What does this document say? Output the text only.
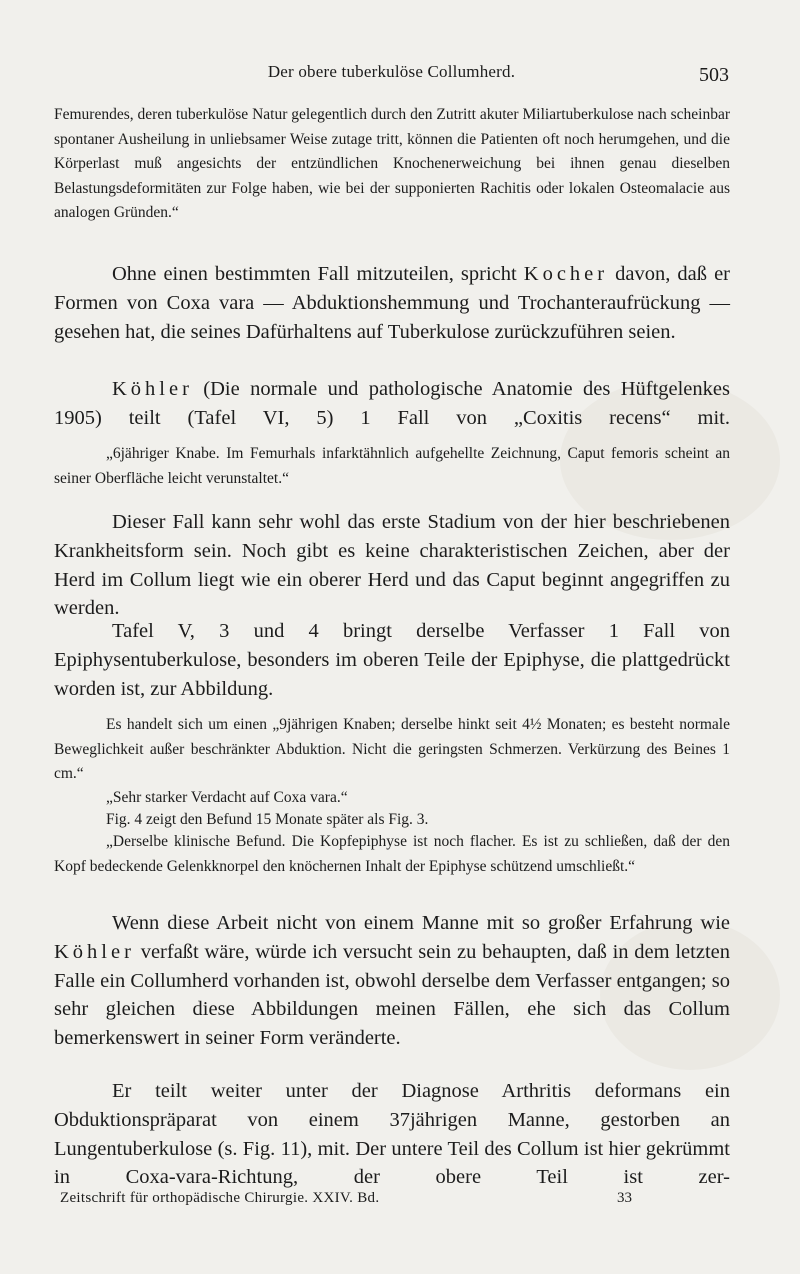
Der obere tuberkulöse Collumherd.	503

Femurendes, deren tuberkulöse Natur gelegentlich durch den Zutritt akuter Miliartuberkulose nach scheinbar spontaner Ausheilung in unliebsamer Weise zutage tritt, können die Patienten oft noch herumgehen, und die Körperlast muß angesichts der entzündlichen Knochenerweichung bei ihnen genau dieselben Belastungsdeformitäten zur Folge haben, wie bei der supponierten Rachitis oder lokalen Osteomalacie aus analogen Gründen.“

Ohne einen bestimmten Fall mitzuteilen, spricht Kocher davon, daß er Formen von Coxa vara — Abduktionshemmung und Trochanteraufrückung — gesehen hat, die seines Dafürhaltens auf Tuberkulose zurückzuführen seien.

Köhler (Die normale und pathologische Anatomie des Hüftgelenkes 1905) teilt (Tafel VI, 5) 1 Fall von „Coxitis recens“ mit.

„6jähriger Knabe. Im Femurhals infarktähnlich aufgehellte Zeichnung, Caput femoris scheint an seiner Oberfläche leicht verunstaltet.“

Dieser Fall kann sehr wohl das erste Stadium von der hier beschriebenen Krankheitsform sein. Noch gibt es keine charakteristischen Zeichen, aber der Herd im Collum liegt wie ein oberer Herd und das Caput beginnt angegriffen zu werden.

Tafel V, 3 und 4 bringt derselbe Verfasser 1 Fall von Epiphysentuberkulose, besonders im oberen Teile der Epiphyse, die plattgedrückt worden ist, zur Abbildung.

Es handelt sich um einen „9jährigen Knaben; derselbe hinkt seit 4½ Monaten; es besteht normale Beweglichkeit außer beschränkter Abduktion. Nicht die geringsten Schmerzen. Verkürzung des Beines 1 cm.“

„Sehr starker Verdacht auf Coxa vara.“

Fig. 4 zeigt den Befund 15 Monate später als Fig. 3.

„Derselbe klinische Befund. Die Kopfepiphyse ist noch flacher. Es ist zu schließen, daß der den Kopf bedeckende Gelenkknorpel den knöchernen Inhalt der Epiphyse schützend umschließt.“

Wenn diese Arbeit nicht von einem Manne mit so großer Erfahrung wie Köhler verfaßt wäre, würde ich versucht sein zu behaupten, daß in dem letzten Falle ein Collumherd vorhanden ist, obwohl derselbe dem Verfasser entgangen; so sehr gleichen diese Abbildungen meinen Fällen, ehe sich das Collum bemerkenswert in seiner Form veränderte.

Er teilt weiter unter der Diagnose Arthritis deformans ein Obduktionspräparat von einem 37jährigen Manne, gestorben an Lungentuberkulose (s. Fig. 11), mit. Der untere Teil des Collum ist hier gekrümmt in Coxa-vara-Richtung, der obere Teil ist zer-

Zeitschrift für orthopädische Chirurgie. XXIV. Bd.	33
